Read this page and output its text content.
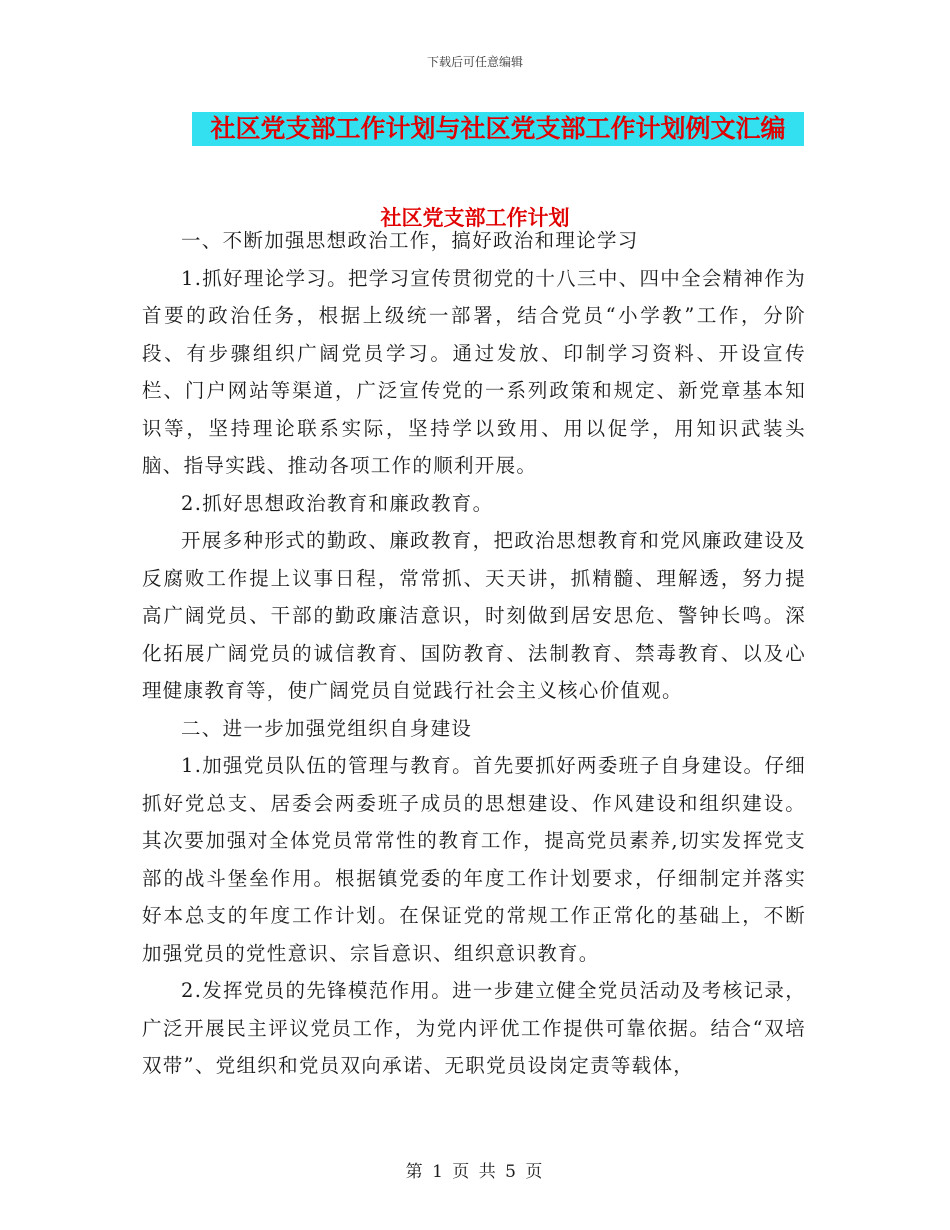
下载后可任意编辑
社区党支部工作计划与社区党支部工作计划例文汇编
社区党支部工作计划

一、不断加强思想政治工作，搞好政治和理论学习

1.抓好理论学习。把学习宣传贯彻党的十八三中、四中全会精神作为首要的政治任务，根据上级统一部署，结合党员“小学教”工作，分阶段、有步骤组织广阔党员学习。通过发放、印制学习资料、开设宣传栏、门户网站等渠道，广泛宣传党的一系列政策和规定、新党章基本知识等，坚持理论联系实际，坚持学以致用、用以促学，用知识武装头脑、指导实践、推动各项工作的顺利开展。

2.抓好思想政治教育和廉政教育。

开展多种形式的勤政、廉政教育，把政治思想教育和党风廉政建设及反腐败工作提上议事日程，常常抓、天天讲，抓精髓、理解透，努力提高广阔党员、干部的勤政廉洁意识，时刻做到居安思危、警钟长鸣。深化拓展广阔党员的诚信教育、国防教育、法制教育、禁毒教育、以及心理健康教育等，使广阔党员自觉践行社会主义核心价值观。

二、进一步加强党组织自身建设

1.加强党员队伍的管理与教育。首先要抓好两委班子自身建设。仔细抓好党总支、居委会两委班子成员的思想建设、作风建设和组织建设。其次要加强对全体党员常常性的教育工作，提高党员素养,切实发挥党支部的战斗堡垒作用。根据镇党委的年度工作计划要求，仔细制定并落实好本总支的年度工作计划。在保证党的常规工作正常化的基础上，不断加强党员的党性意识、宗旨意识、组织意识教育。

2.发挥党员的先锋模范作用。进一步建立健全党员活动及考核记录，广泛开展民主评议党员工作，为党内评优工作提供可靠依据。结合“双培双带”、党组织和党员双向承诺、无职党员设岗定责等载体，

第 1 页 共 5 页
